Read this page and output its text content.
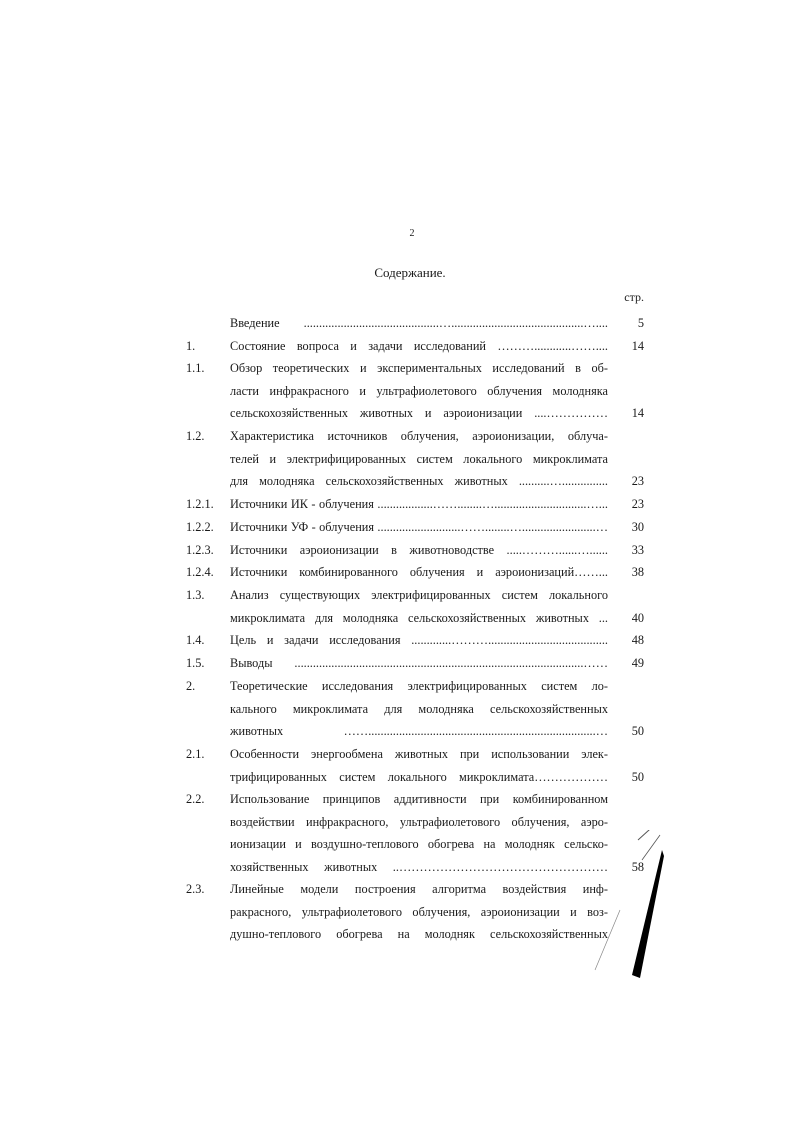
2
Содержание.
стр.
Введение ............................................…...........................................…....	5
1.	Состояние вопроса и задачи исследований ………............……....	14
1.1. Обзор теоретических и экспериментальных исследований в об-
ласти инфракрасного и ультрафиолетового облучения молодняка
сельскохозяйственных животных и аэроионизации ....……………	14
1.2. Характеристика источников облучения, аэроионизации, облуча-
телей и электрифицированных систем локального микроклимата
для молодняка сельскохозяйственных животных ..........…...............	23
1.2.1. Источники ИК - облучения ..................……........…..............................…...	23
1.2.2. Источники УФ - облучения ...........................……........…........................…	30
1.2.3. Источники аэроионизации в животноводстве .....………......…......	33
1.2.4. Источники комбинированного облучения и аэроионизаций……...	38
1.3. Анализ существующих электрифицированных систем локального
микроклимата для молодняка сельскохозяйственных животных ...	40
1.4. Цель и задачи исследования .............……….......................................	48
1.5. Выводы ..............................................................................................……	49
2.	Теоретические исследования электрифицированных систем ло-
кального микроклимата для молодняка сельскохозяйственных
животных ……..........................................................................…	50
2.1. Особенности энергообмена животных при использовании элек-
трифицированных систем локального микроклимата………………	50
2.2. Использование принципов аддитивности при комбинированном
воздействии инфракрасного, ультрафиолетового облучения, аэро-
ионизации и воздушно-теплового обогрева на молодняк сельско-
хозяйственных животных ..……………………………………………	58
2.3. Линейные модели построения алгоритма воздействия инф-
ракрасного, ультрафиолетового облучения, аэроионизации и воз-
душно-теплового обогрева на молодняк сельскохозяйственных
